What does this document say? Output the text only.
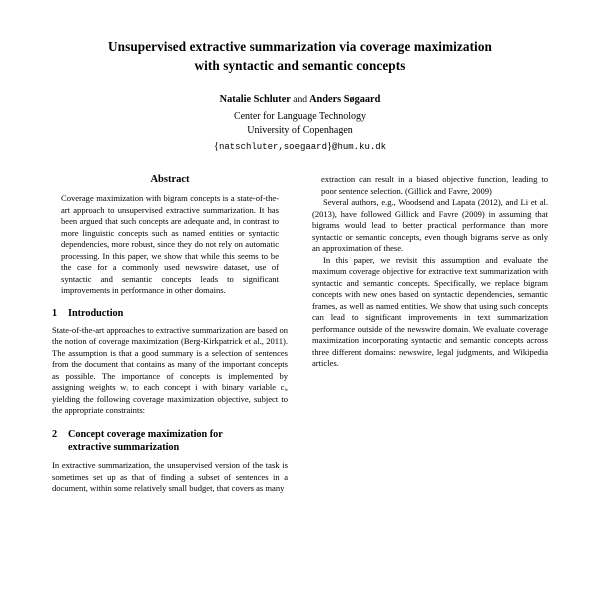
Unsupervised extractive summarization via coverage maximization
with syntactic and semantic concepts
Natalie Schluter and Anders Søgaard
Center for Language Technology
University of Copenhagen
{natschluter,soegaard}@hum.ku.dk
Abstract

Coverage maximization with bigram concepts is a state-of-the-art approach to unsupervised extractive summarization. It has been argued that such concepts are adequate and, in contrast to more linguistic concepts such as named entities or syntactic dependencies, more robust, since they do not rely on automatic processing. In this paper, we show that while this seems to be the case for a commonly used newswire dataset, use of syntactic and semantic concepts leads to significant improvements in performance in other domains.

1	Introduction

State-of-the-art approaches to extractive summarization are based on the notion of coverage maximization (Berg-Kirkpatrick et al., 2011). The assumption is that a good summary is a selection of sentences from the document that contains as many of the important concepts as possible. The importance of concepts is implemented by assigning weights wᵢ to each concept i with binary variable cᵢ, yielding the following coverage maximization objective, subject to the appropriate constraints:

2	Concept coverage maximization for
extractive summarization

In extractive summarization, the unsupervised version of the task is sometimes set up as that of finding a subset of sentences in a document, within some relatively small budget, that covers as many

extraction can result in a biased objective function, leading to poor sentence selection. (Gillick and Favre, 2009)

Several authors, e.g., Woodsend and Lapata (2012), and Li et al. (2013), have followed Gillick and Favre (2009) in assuming that bigrams would lead to better practical performance than more syntactic or semantic concepts, even though bigrams serve as only an approximation of these.

In this paper, we revisit this assumption and evaluate the maximum coverage objective for extractive text summarization with syntactic and semantic concepts. Specifically, we replace bigram concepts with new ones based on syntactic dependencies, semantic frames, as well as named entities. We show that using such concepts can lead to significant improvements in text summarization performance outside of the newswire domain. We evaluate coverage maximization incorporating syntactic and semantic concepts across three different domains: newswire, legal judgments, and Wikipedia articles.
